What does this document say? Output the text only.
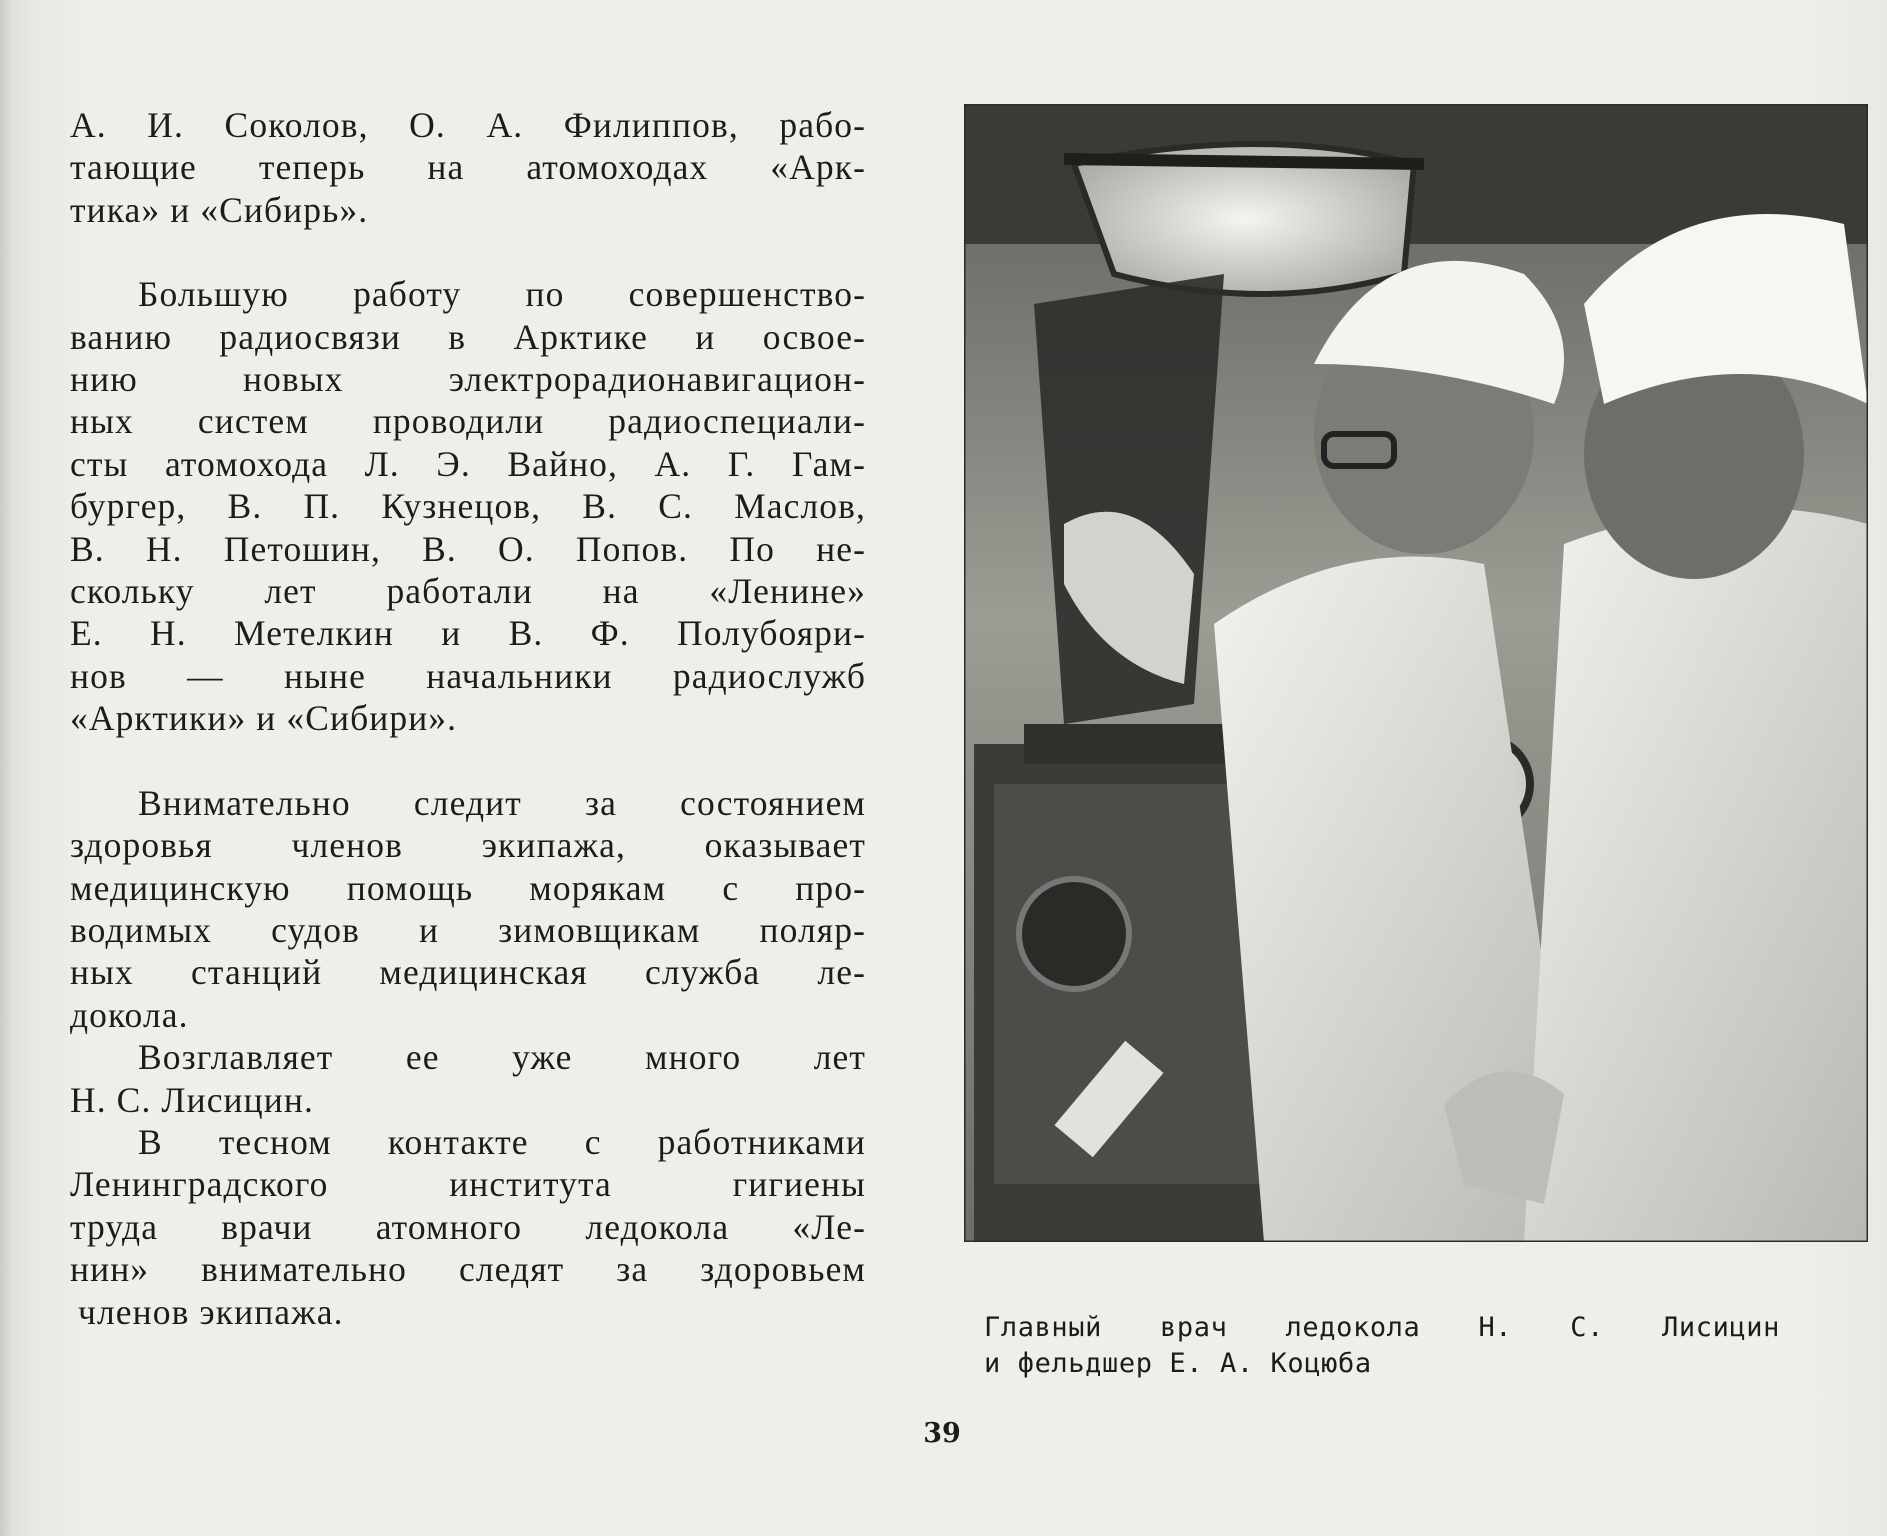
А. И. Соколов, О. А. Филиппов, рабо-
тающие теперь на атомоходах «Арк-
тика» и «Сибирь».
Большую работу по совершенство-
ванию радиосвязи в Арктике и освое-
нию новых электрорадионавигацион-
ных систем проводили радиоспециали-
сты атомохода Л. Э. Вайно, А. Г. Гам-
бургер, В. П. Кузнецов, В. С. Маслов,
В. Н. Петошин, В. О. Попов. По не-
скольку лет работали на «Ленине»
Е. Н. Метелкин и В. Ф. Полубояри-
нов — ныне начальники радиослужб
«Арктики» и «Сибири».
Внимательно следит за состоянием
здоровья членов экипажа, оказывает
медицинскую помощь морякам с про-
водимых судов и зимовщикам поляр-
ных станций медицинская служба ле-
докола.
Возглавляет ее уже много лет
Н. С. Лисицин.
В тесном контакте с работниками
Ленинградского института гигиены
труда врачи атомного ледокола «Ле-
нин» внимательно следят за здоровьем
членов экипажа.	Главный врач ледокола Н. С. Лисицин
и фельдшер Е. А. Коцюба
39
